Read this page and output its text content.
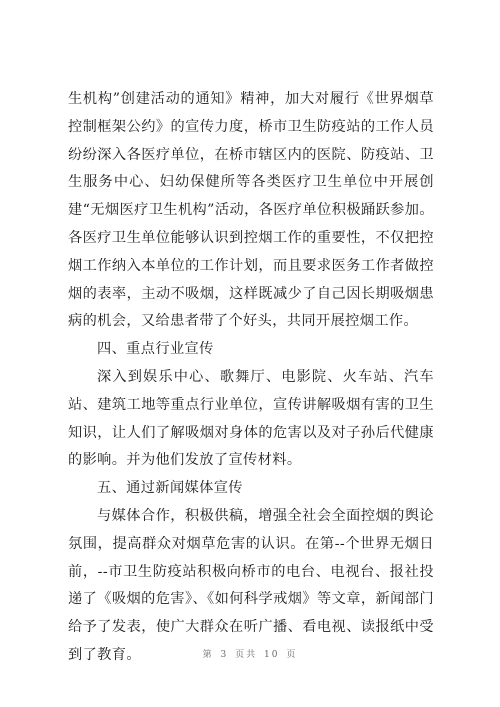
生机构”创建活动的通知》精神，加大对履行《世界烟草控制框架公约》的宣传力度，桥市卫生防疫站的工作人员纷纷深入各医疗单位，在桥市辖区内的医院、防疫站、卫生服务中心、妇幼保健所等各类医疗卫生单位中开展创建“无烟医疗卫生机构”活动，各医疗单位积极踊跃参加。各医疗卫生单位能够认识到控烟工作的重要性，不仅把控烟工作纳入本单位的工作计划，而且要求医务工作者做控烟的表率，主动不吸烟，这样既减少了自己因长期吸烟患病的机会，又给患者带了个好头，共同开展控烟工作。

四、重点行业宣传

深入到娱乐中心、歌舞厅、电影院、火车站、汽车站、建筑工地等重点行业单位，宣传讲解吸烟有害的卫生知识，让人们了解吸烟对身体的危害以及对子孙后代健康的影响。并为他们发放了宣传材料。

五、通过新闻媒体宣传

与媒体合作，积极供稿，增强全社会全面控烟的舆论氛围，提高群众对烟草危害的认识。在第--个世界无烟日前，--市卫生防疫站积极向桥市的电台、电视台、报社投递了《吸烟的危害》、《如何科学戒烟》等文章，新闻部门给予了发表，使广大群众在听广播、看电视、读报纸中受到了教育。	第 3 页共 10 页
